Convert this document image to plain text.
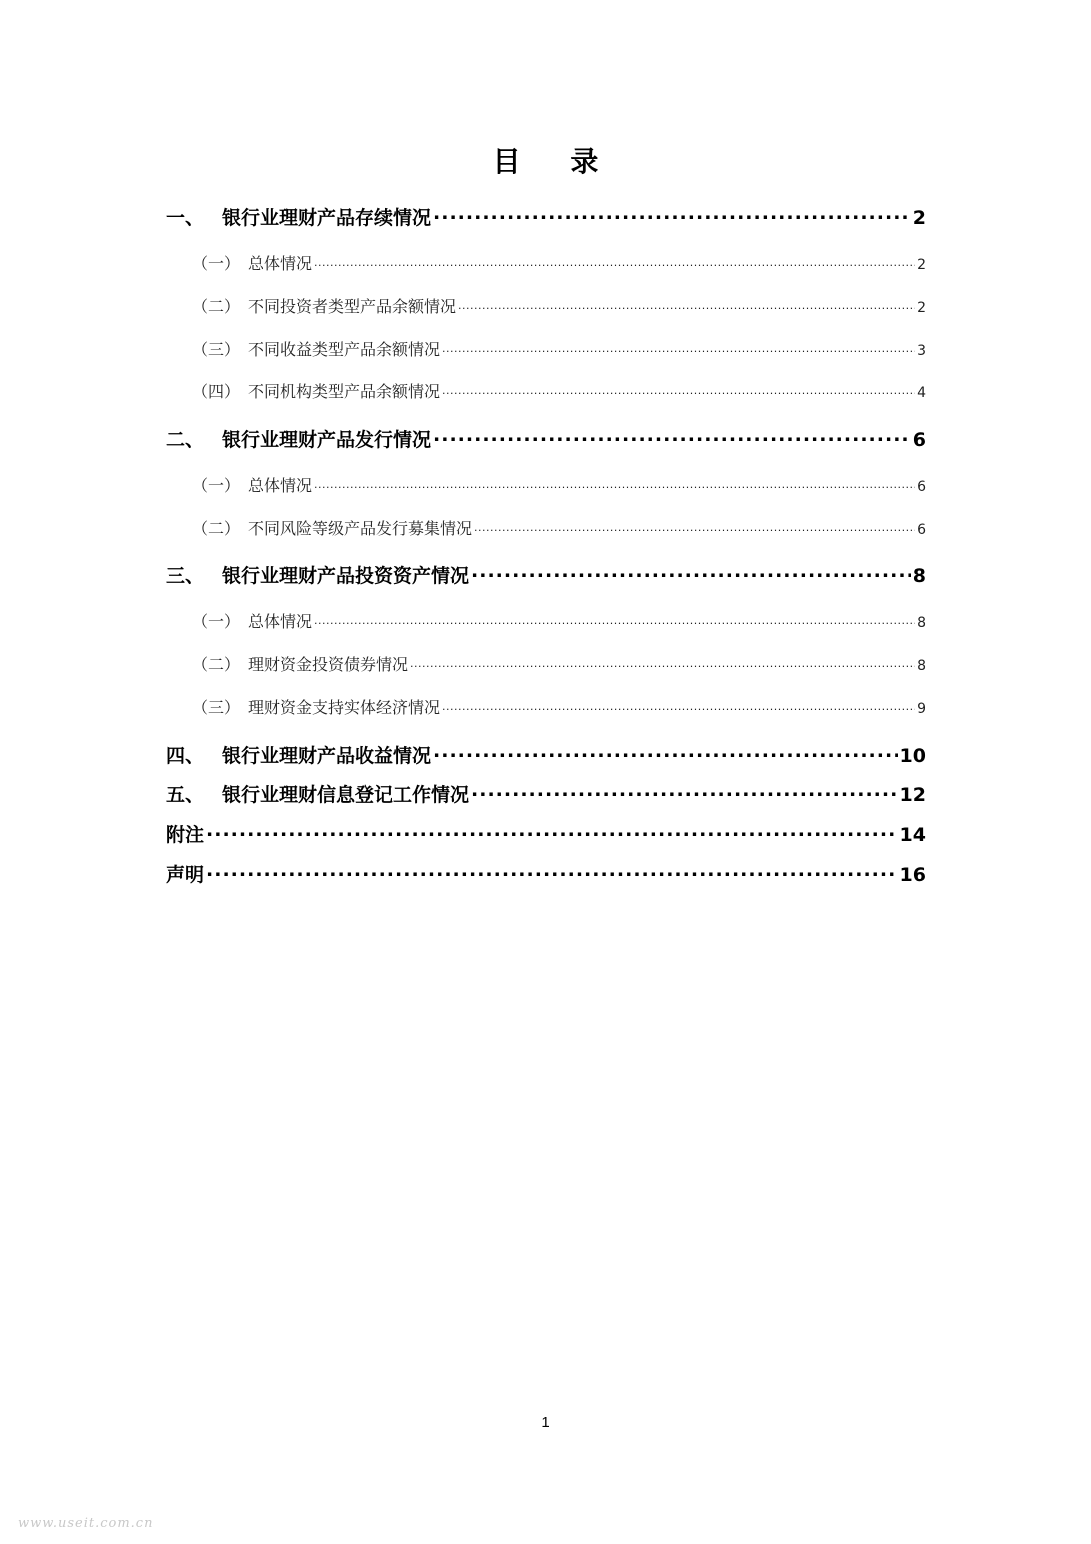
目 录
一、 银行业理财产品存续情况 .....	2
（一） 总体情况 .....	2
（二） 不同投资者类型产品余额情况 .....	2
（三） 不同收益类型产品余额情况 .....	3
（四） 不同机构类型产品余额情况 .....	4
二、 银行业理财产品发行情况 .....	6
（一） 总体情况 .....	6
（二） 不同风险等级产品发行募集情况 .....	6
三、 银行业理财产品投资资产情况 .....	8
（一） 总体情况 .....	8
（二） 理财资金投资债券情况 .....	8
（三） 理财资金支持实体经济情况 .....	9
四、 银行业理财产品收益情况 .....	10
五、 银行业理财信息登记工作情况 .....	12
附注 .....	14
声明 .....	16
1
www.useit.com.cn
